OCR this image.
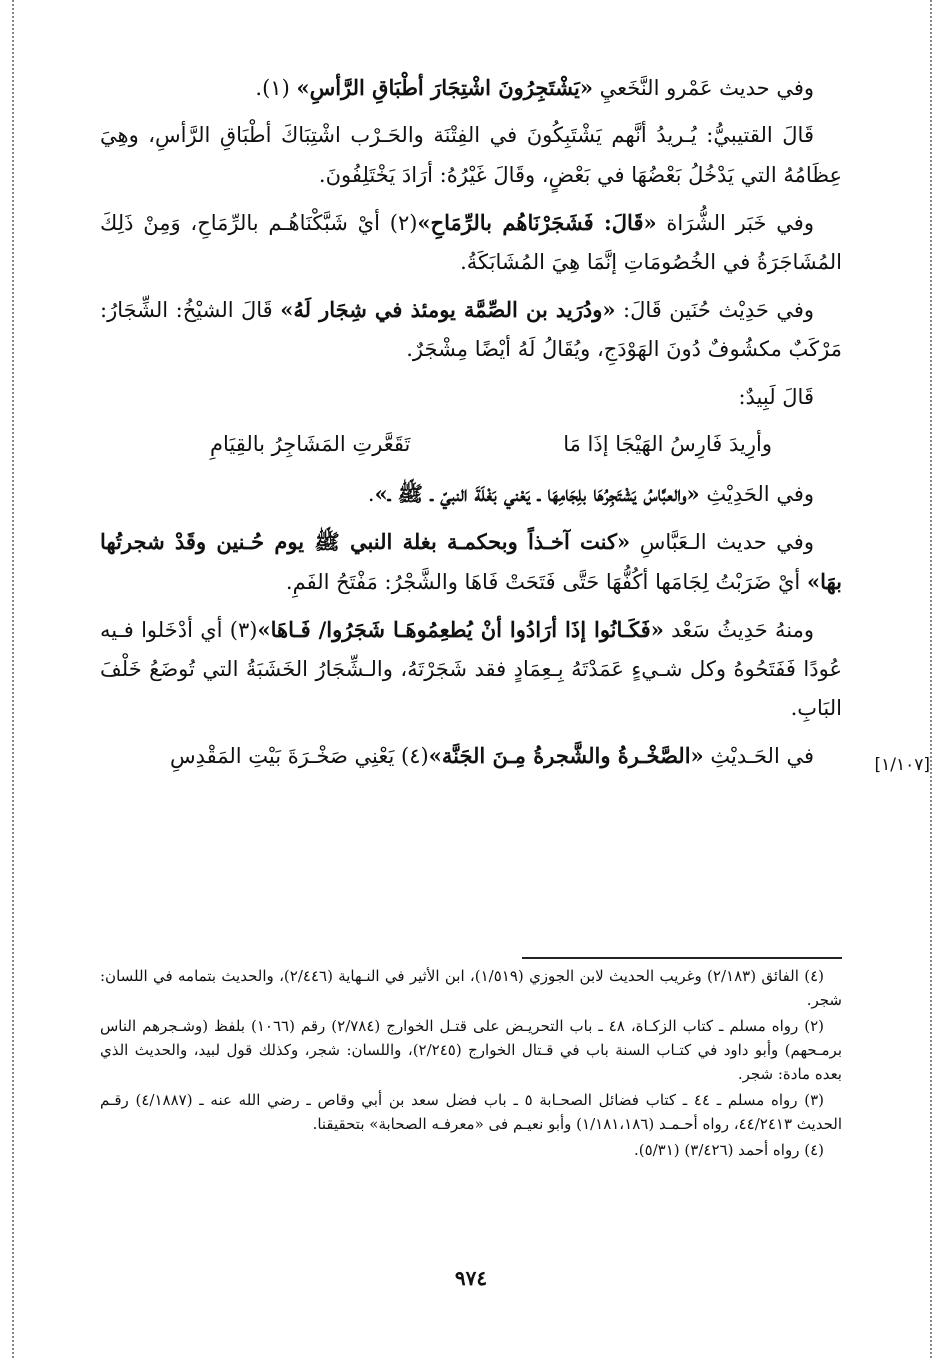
وفي حديث عَمْرو النَّخَعيِ «يَشْتَجِرُونَ اشْتِجَارَ أطْبَاقِ الرَّأسِ» (١).

قَالَ القتيبيُّ: يُـريدُ أنَّهم يَشْتَبِكُونَ في الفِتْنَة والحَـرْب اشْتِبَاكَ أطْبَاقِ الرَّأسِ، وهِيَ عِظَامُهُ التي يَدْخُلُ بَعْضُهَا في بَعْضٍ، وقَالَ غَيْرُهُ: أرَادَ يَخْتَلِفُونَ.

وفي خَبَر الشُّرَاة «قَالَ: فَشَجَرْنَاهُم بالرِّمَاحِ»(٢) أيْ شَبَّكْنَاهُـم بالرِّمَاحِ، وَمِنْ ذَلِكَ المُشَاجَرَةُ في الخُصُومَاتِ إنَّمَا هِيَ المُشَابَكَةُ.

وفي حَدِيْث حُنَين قَالَ: «ودُرَيد بن الصِّمَّة يومئذ في شِجَار لَهُ» قَالَ الشيْخُ: الشِّجَارُ: مَرْكَبٌ مكشُوفٌ دُونَ الهَوْدَجِ، ويُقَالُ لَهُ أيْضًا مِشْجَرٌ.

قَالَ لَبِيدٌ:

وأرِيدَ فَارِسُ الهَيْجَا إذَا مَا
تَقَعَّرتِ المَشَاجِرُ بالقِيَامِ

وفي الحَدِيْثِ «والعبَّاسُ يَشْتَجِرُهَا بلِجَامِهَا ـ يَعْني بَغْلَةَ النبيّ ـ ﷺ ـ».

وفي حديث الـعَبَّاسِ «كنت آخـذاً وبحكمـة بغلة النبي ﷺ يوم حُـنين وقَدْ شجرتُها بهَا» أيْ ضَرَبْتُ لِجَامَها أكُفُّهَا حَتَّى فَتَحَتْ فَاهَا والشَّجْرُ: مَفْتَحُ الفَمِ.

ومنهُ حَدِيثُ سَعْد «فَكَـانُوا إذَا أرَادُوا أنْ يُطعِمُوهَـا شَجَرُوا/ فَـاهَا»(٣) أي أدْخَلوا فـيه عُودًا فَفَتَحُوهُ وكل شـيءٍ عَمَدْتَهُ بِـعِمَادٍ فقد شَجَرْتَهُ، والـشِّجَارُ الخَشَبَةُ التي تُوضَعُ خَلْفَ البَابِ.

في الحَـديْثِ «الصَّخْـرةُ والشَّجرةُ مِـنَ الجَنَّة»(٤) يَعْنِي صَخْـرَةَ بَيْتِ المَقْدِسِ	[١/١٠٧]

(٤) الفائق (٢/١٨٣) وغريب الحديث لابن الجوزي (١/٥١٩)، ابن الأثير في النـهاية (٢/٤٤٦)، والحديث بتمامه في اللسان: شجر.

(٢) رواه مسلم ـ كتاب الزكـاة، ٤٨ ـ باب التحريـض على قتـل الخوارج (٢/٧٨٤) رقم (١٠٦٦) بلفظ (وشـجرهم الناس برمـحهم) وأبو داود في كتـاب السنة باب في قـتال الخوارج (٢/٢٤٥)، واللسان: شجر، وكذلك قول لبيد، والحديث الذي بعده مادة: شجر.

(٣) رواه مسلم ـ ٤٤ ـ كتاب فضائل الصحـابة ٥ ـ باب فضل سعد بن أبي وقاص ـ رضي الله عنه ـ (٤/١٨٨٧) رقـم الحديث ٤٤/٢٤١٣، رواه أحـمـد (١/١٨١،١٨٦) وأبو نعيـم فى «معرفـه الصحابة» بتحقيقنا.

(٤) رواه أحمد (٣/٤٢٦) (٥/٣١).

٩٧٤
